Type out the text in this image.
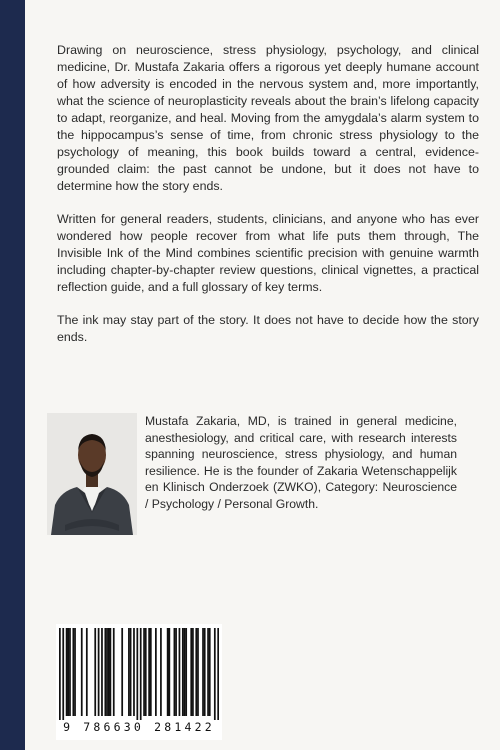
Drawing on neuroscience, stress physiology, psychology, and clinical medicine, Dr. Mustafa Zakaria offers a rigorous yet deeply humane account of how adversity is encoded in the nervous system and, more importantly, what the science of neuroplasticity reveals about the brain’s lifelong capacity to adapt, reorganize, and heal. Moving from the amygdala’s alarm system to the hippocampus’s sense of time, from chronic stress physiology to the psychology of meaning, this book builds toward a central, evidence-grounded claim: the past cannot be undone, but it does not have to determine how the story ends.

Written for general readers, students, clinicians, and anyone who has ever wondered how people recover from what life puts them through, The Invisible Ink of the Mind combines scientific precision with genuine warmth including chapter-by-chapter review questions, clinical vignettes, a practical reflection guide, and a full glossary of key terms.

The ink may stay part of the story. It does not have to decide how the story ends.

Mustafa Zakaria, MD, is trained in general medicine, anesthesiology, and critical care, with research interests spanning neuroscience, stress physiology, and human resilience. He is the founder of Zakaria Wetenschappelijk en Klinisch Onderzoek (ZWKO), Category: Neuroscience / Psychology / Personal Growth.

9 786630 281422
